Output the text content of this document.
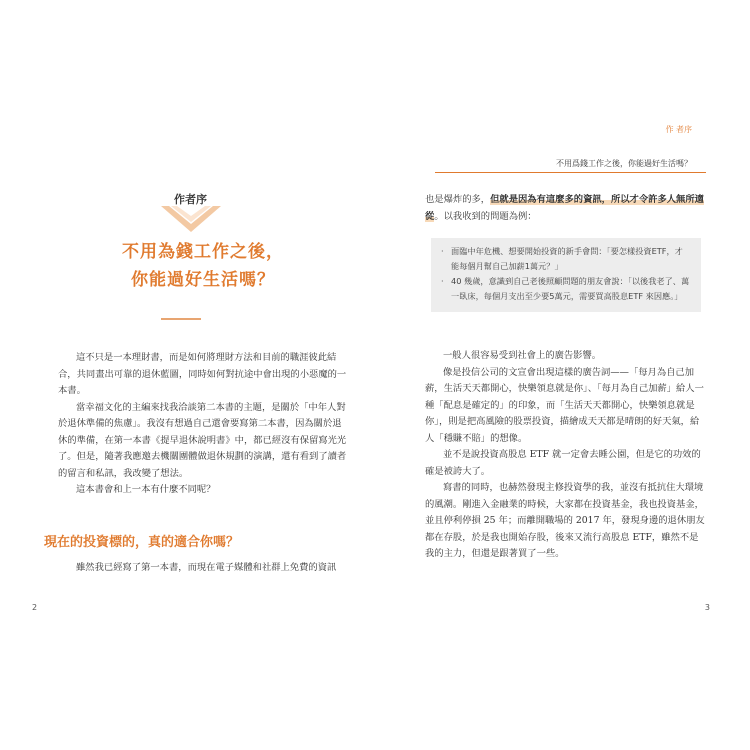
作者序
不用為錢工作之後，
你能過好生活嗎？

這不只是一本理財書，而是如何將理財方法和目前的職涯彼此結合，共同畫出可靠的退休藍圖，同時如何對抗途中會出現的小惡魔的一本書。

當幸福文化的主編來找我洽談第二本書的主題，是關於「中年人對於退休準備的焦慮」。我沒有想過自己還會要寫第二本書，因為關於退休的準備，在第一本書《提早退休說明書》中，都已經沒有保留寫光光了。但是，隨著我應邀去機關團體做退休規劃的演講，還有看到了讀者的留言和私訊，我改變了想法。

這本書會和上一本有什麼不同呢？

現在的投資標的，真的適合你嗎？

雖然我已經寫了第一本書，而現在電子媒體和社群上免費的資訊

2
作 者序
不用爲錢工作之後，你能過好生活嗎？

也是爆炸的多，但就是因為有這麼多的資訊，所以才令許多人無所適從。以我收到的問題為例：

· 面臨中年危機、想要開始投資的新手會問：「要怎樣投資ETF，才能每個月幫自己加薪1萬元？」
· 40 幾歲，意識到自己老後照顧問題的朋友會說：「以後我老了、萬一臥床，每個月支出至少要5萬元，需要買高股息ETF 來因應。」

一般人很容易受到社會上的廣告影響。

像是投信公司的文宣會出現這樣的廣告詞——「每月為自己加薪，生活天天都開心，快樂領息就是你」、「每月為自己加薪」給人一種「配息是確定的」的印象，而「生活天天都開心，快樂領息就是你」，則是把高風險的股票投資，描繪成天天都是晴朗的好天氣，給人「穩賺不賠」的想像。

並不是說投資高股息 ETF 就一定會去睡公園，但是它的功效的確是被誇大了。

寫書的同時，也赫然發現主修投資學的我，並沒有抵抗住大環境的風潮。剛進入金融業的時候，大家都在投資基金，我也投資基金，並且停利停損 25 年；而離開職場的 2017 年，發現身邊的退休朋友都在存股，於是我也開始存股，後來又流行高股息 ETF，雖然不是我的主力，但還是跟著買了一些。

3
